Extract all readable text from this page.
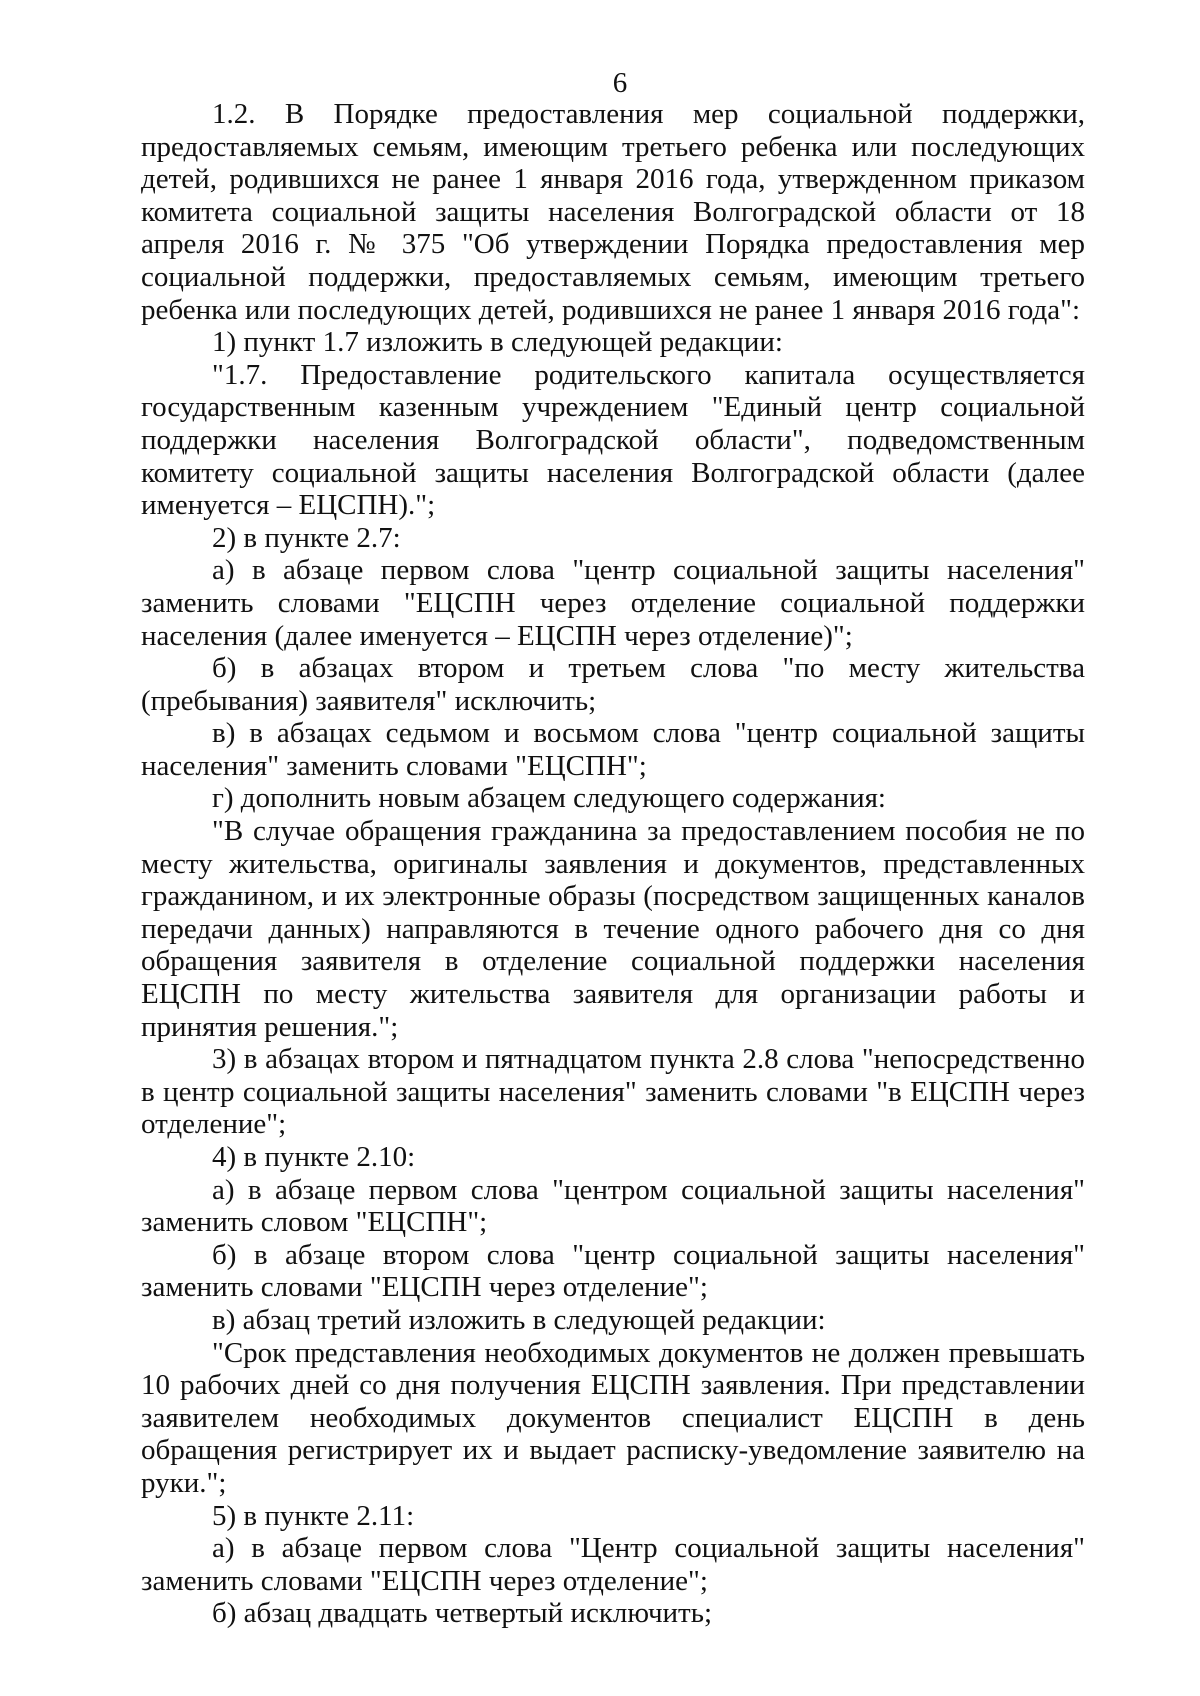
6

1.2. В Порядке предоставления мер социальной поддержки, предоставляемых семьям, имеющим третьего ребенка или последующих детей, родившихся не ранее 1 января 2016 года, утвержденном приказом комитета социальной защиты населения Волгоградской области от 18 апреля 2016 г. № 375 "Об утверждении Порядка предоставления мер социальной поддержки, предоставляемых семьям, имеющим третьего ребенка или последующих детей, родившихся не ранее 1 января 2016 года":

1) пункт 1.7 изложить в следующей редакции:

"1.7. Предоставление родительского капитала осуществляется государственным казенным учреждением "Единый центр социальной поддержки населения Волгоградской области", подведомственным комитету социальной защиты населения Волгоградской области (далее именуется – ЕЦСПН).";

2) в пункте 2.7:

а) в абзаце первом слова "центр социальной защиты населения" заменить словами "ЕЦСПН через отделение социальной поддержки населения (далее именуется – ЕЦСПН через отделение)";

б) в абзацах втором и третьем слова "по месту жительства (пребывания) заявителя" исключить;

в) в абзацах седьмом и восьмом слова "центр социальной защиты населения" заменить словами "ЕЦСПН";

г) дополнить новым абзацем следующего содержания:

"В случае обращения гражданина за предоставлением пособия не по месту жительства, оригиналы заявления и документов, представленных гражданином, и их электронные образы (посредством защищенных каналов передачи данных) направляются в течение одного рабочего дня со дня обращения заявителя в отделение социальной поддержки населения ЕЦСПН по месту жительства заявителя для организации работы и принятия решения.";

3) в абзацах втором и пятнадцатом пункта 2.8 слова "непосредственно в центр социальной защиты населения" заменить словами "в ЕЦСПН через отделение";

4) в пункте 2.10:

а) в абзаце первом слова "центром социальной защиты населения" заменить словом "ЕЦСПН";

б) в абзаце втором слова "центр социальной защиты населения" заменить словами "ЕЦСПН через отделение";

в) абзац третий изложить в следующей редакции:

"Срок представления необходимых документов не должен превышать 10 рабочих дней со дня получения ЕЦСПН заявления. При представлении заявителем необходимых документов специалист ЕЦСПН в день обращения регистрирует их и выдает расписку-уведомление заявителю на руки.";

5) в пункте 2.11:

а) в абзаце первом слова "Центр социальной защиты населения" заменить словами "ЕЦСПН через отделение";

б) абзац двадцать четвертый исключить;
